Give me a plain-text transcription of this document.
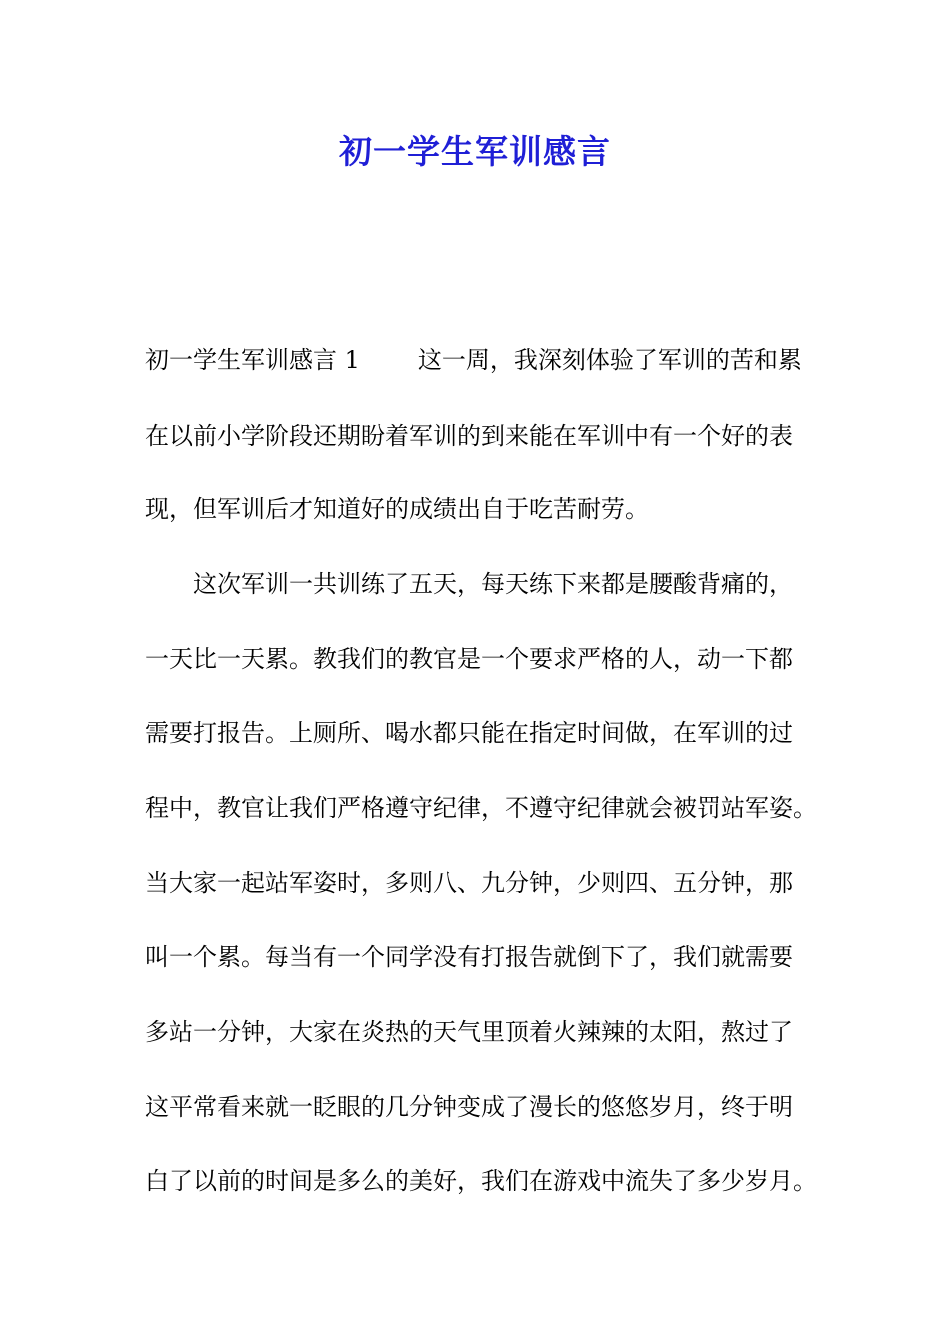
初一学生军训感言

初一学生军训感言 1 这一周，我深刻体验了军训的苦和累

在以前小学阶段还期盼着军训的到来能在军训中有一个好的表

现，但军训后才知道好的成绩出自于吃苦耐劳。

这次军训一共训练了五天，每天练下来都是腰酸背痛的，

一天比一天累。教我们的教官是一个要求严格的人，动一下都

需要打报告。上厕所、喝水都只能在指定时间做，在军训的过

程中，教官让我们严格遵守纪律，不遵守纪律就会被罚站军姿。

当大家一起站军姿时，多则八、九分钟，少则四、五分钟，那

叫一个累。每当有一个同学没有打报告就倒下了，我们就需要

多站一分钟，大家在炎热的天气里顶着火辣辣的太阳，熬过了

这平常看来就一眨眼的几分钟变成了漫长的悠悠岁月，终于明

白了以前的时间是多么的美好，我们在游戏中流失了多少岁月。
